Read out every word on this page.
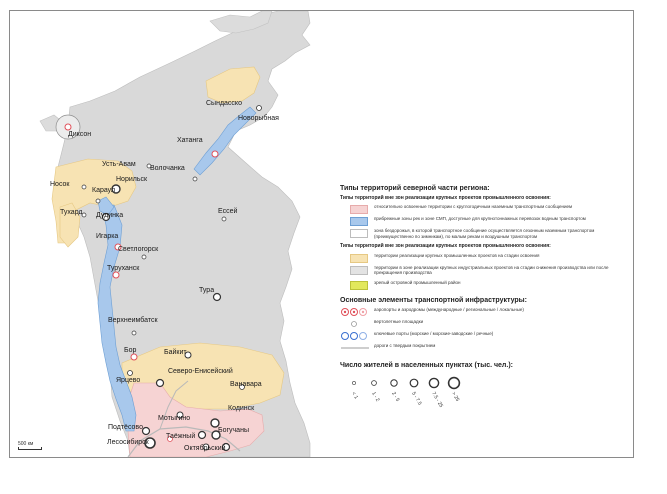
Диксон
Сындасско
Новорыбная
Хатанга
Усть-Авам
Волочанка
Носок
Караул
Норильск
Тухард Дудинка
Ессей
Игарка
Светлогорск
Туруханск
Тура
Верхнеимбатск
Бор	Байкит
Ярцево
Северо-Енисейский
Ванавара
Мотыгино
Подтёсово
Кодинск
Лесосибирск
Таёжный
Богучаны
Октябрьский
500 км
Типы территорий северной части региона:
Типы территорий вне зон реализации крупных проектов промышленного освоения:
относительно освоенные территории с круглогодичным наземным транспортным сообщением
прибрежные зоны рек и зоне СМП, доступные для крупнотоннажных перевозок водным транспортом
зона бездорожья, в которой транспортное сообщение осуществляется сезонным наземным транспортом (преимущественно по зимникам), по малым рекам и воздушным транспортом
Типы территорий вне зон реализации крупных проектов промышленного освоения:
территории реализации крупных промышленных проектов на стадии освоения
территории в зоне реализации крупных индустриальных проектов на стадии снижения производства или после прекращения производства
зрелый островной промышленный район
Основные элементы транспортной инфраструктуры:
аэропорты и аэродромы (международные / региональные / локальные)
вертолетные площадки
ключевые порты (морские / морские-заводские / речные)
дороги с твердым покрытием
Число жителей в населенных пунктах (тыс. чел.):
< 1 1 - 2 2 - 5 5 - 7.5 7.5 - 25 > 25
